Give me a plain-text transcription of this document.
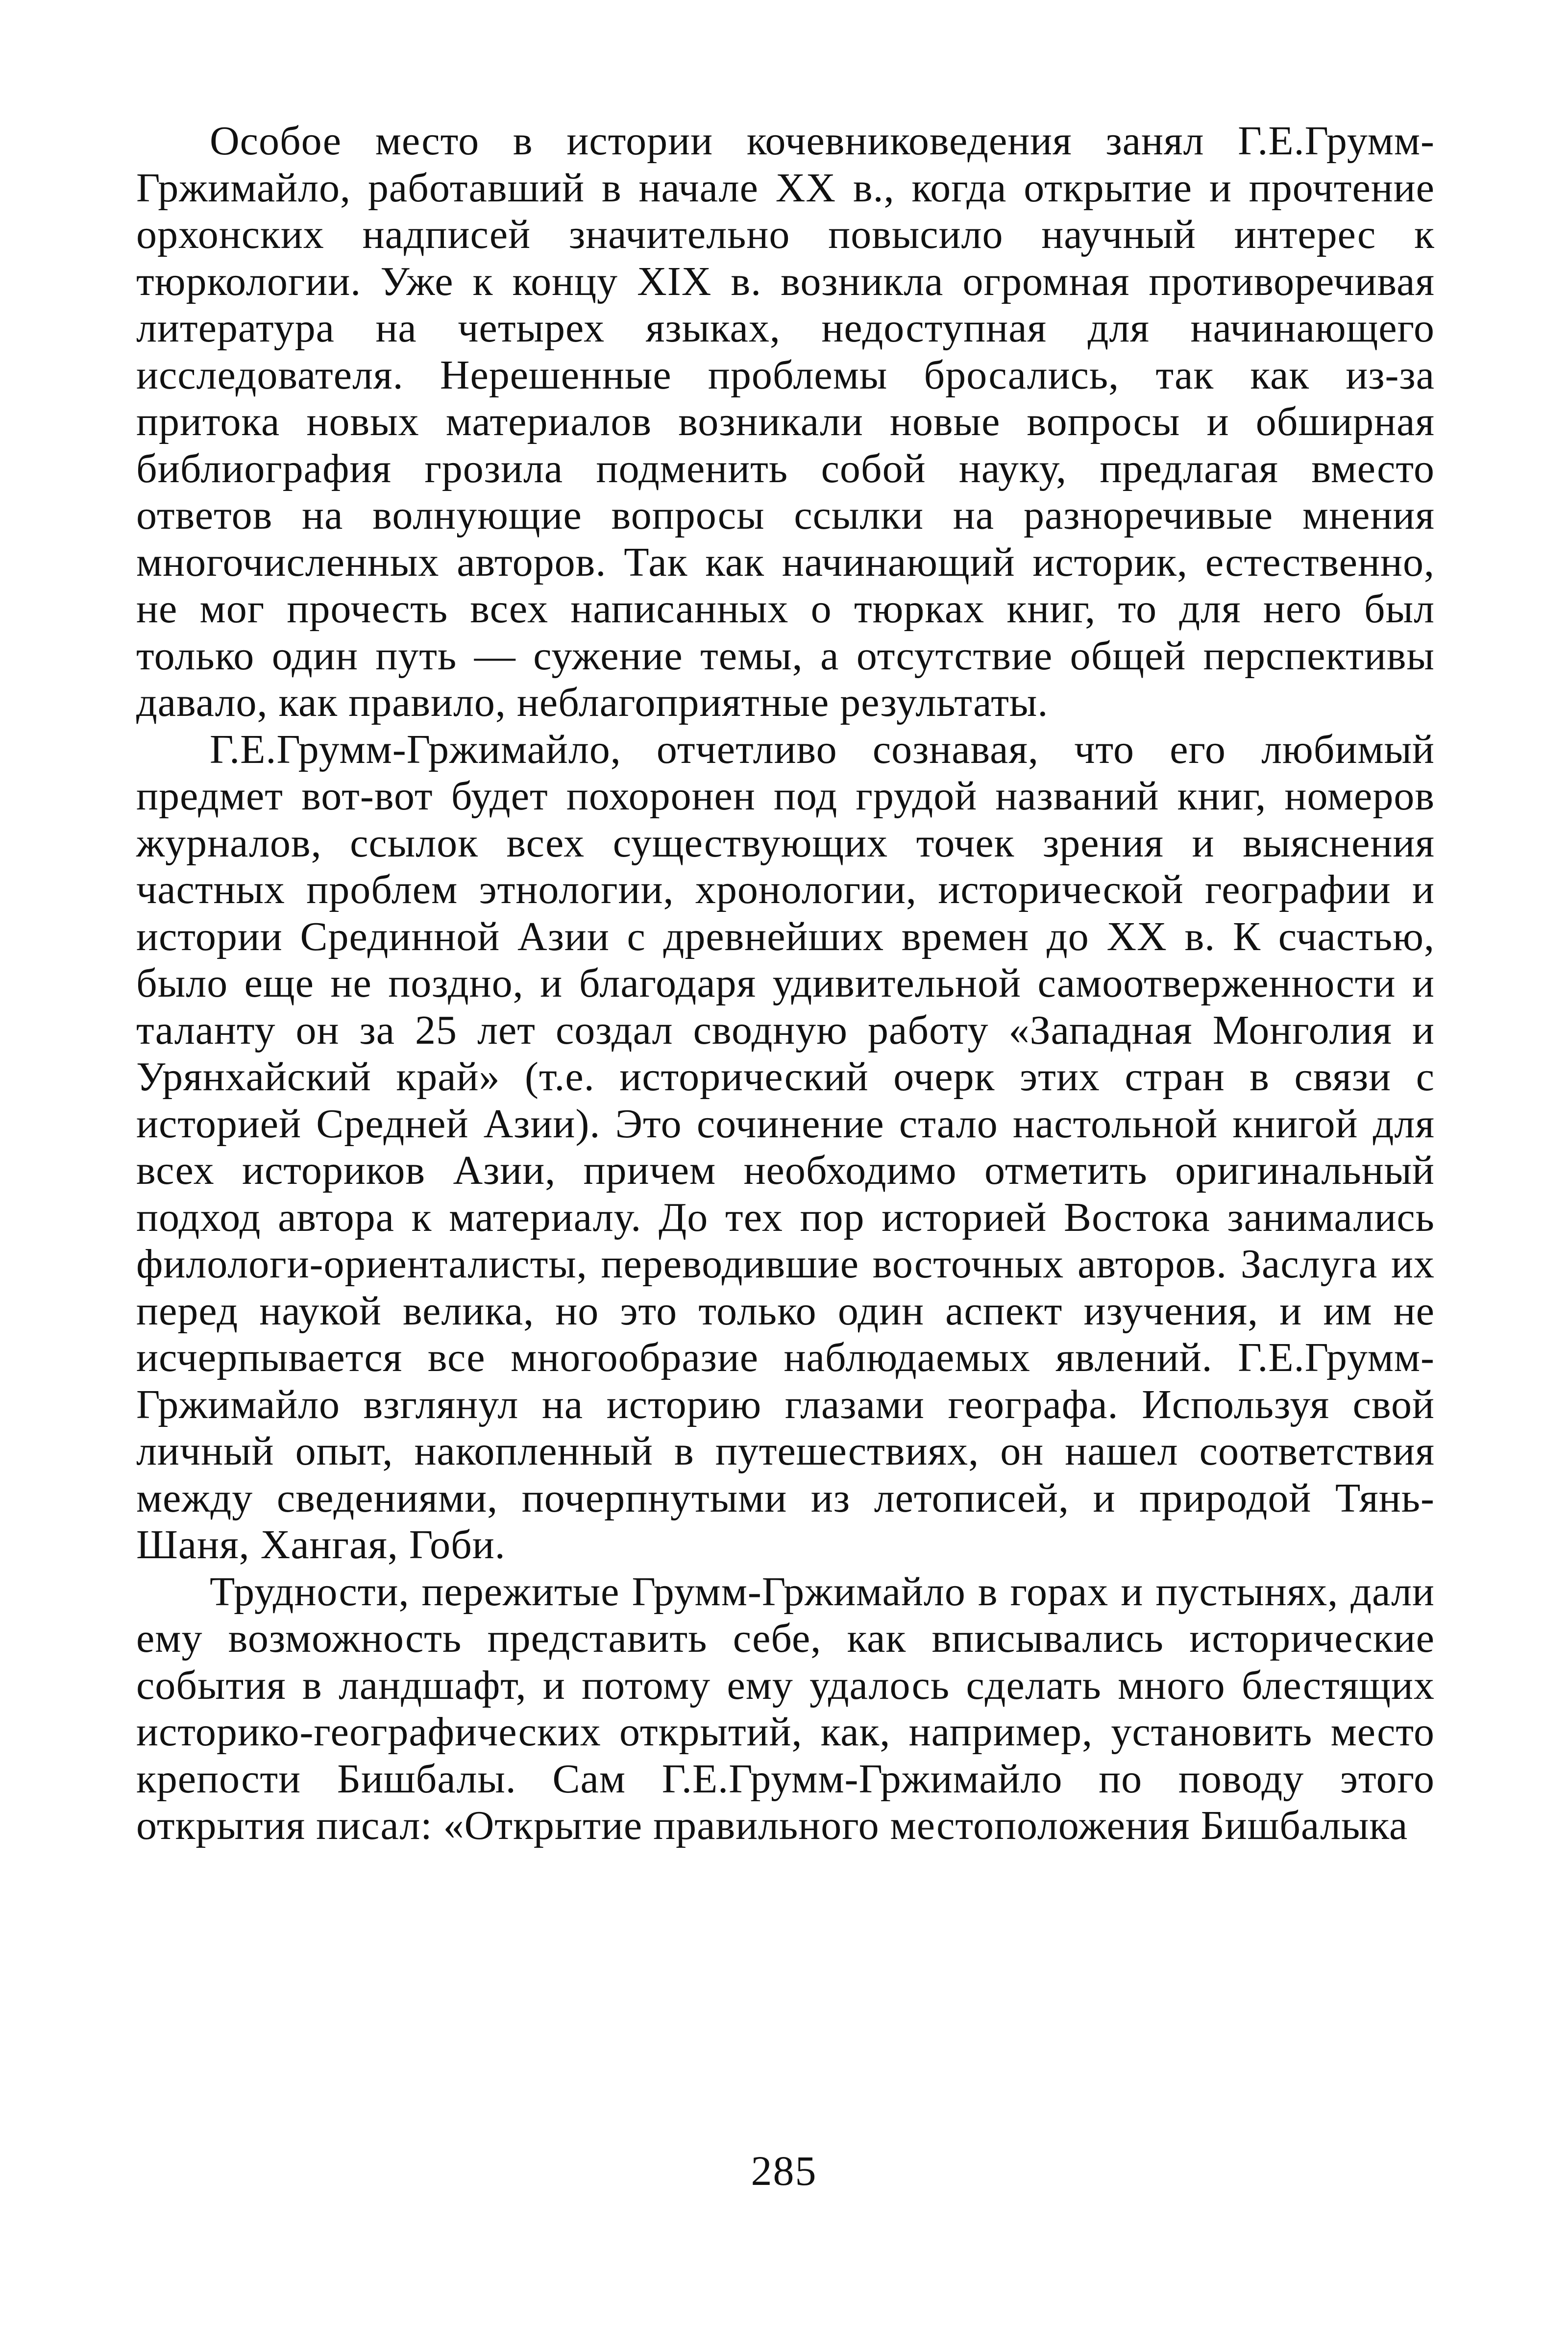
Особое место в истории кочевниковедения занял Г.Е.Грумм-Гржимайло, работавший в начале XX в., когда открытие и прочтение орхонских надписей значительно повысило научный интерес к тюркологии. Уже к концу XIX в. возникла огромная противоречивая литература на четырех языках, недоступная для начинающего исследователя. Нерешенные проблемы бросались, так как из-за притока новых материалов возникали новые вопросы и обширная библиография грозила подменить собой науку, предлагая вместо ответов на волнующие вопросы ссылки на разноречивые мнения многочисленных авторов. Так как начинающий историк, естественно, не мог прочесть всех написанных о тюрках книг, то для него был только один путь — сужение темы, а отсутствие общей перспективы давало, как правило, неблагоприятные результаты.

Г.Е.Грумм-Гржимайло, отчетливо сознавая, что его любимый предмет вот-вот будет похоронен под грудой названий книг, номеров журналов, ссылок всех существующих точек зрения и выяснения частных проблем этнологии, хронологии, исторической географии и истории Срединной Азии с древнейших времен до XX в. К счастью, было еще не поздно, и благодаря удивительной самоотверженности и таланту он за 25 лет создал сводную работу «Западная Монголия и Урянхайский край» (т.е. исторический очерк этих стран в связи с историей Средней Азии). Это сочинение стало настольной книгой для всех историков Азии, причем необходимо отметить оригинальный подход автора к материалу. До тех пор историей Востока занимались филологи-ориенталисты, переводившие восточных авторов. Заслуга их перед наукой велика, но это только один аспект изучения, и им не исчерпывается все многообразие наблюдаемых явлений. Г.Е.Грумм-Гржимайло взглянул на историю глазами географа. Используя свой личный опыт, накопленный в путешествиях, он нашел соответствия между сведениями, почерпнутыми из летописей, и природой Тянь-Шаня, Хангая, Гоби.

Трудности, пережитые Грумм-Гржимайло в горах и пустынях, дали ему возможность представить себе, как вписывались исторические события в ландшафт, и потому ему удалось сделать много блестящих историко-географических открытий, как, например, установить место крепости Бишбалы. Сам Г.Е.Грумм-Гржимайло по поводу этого открытия писал: «Открытие правильного местоположения Бишбалыка

285
